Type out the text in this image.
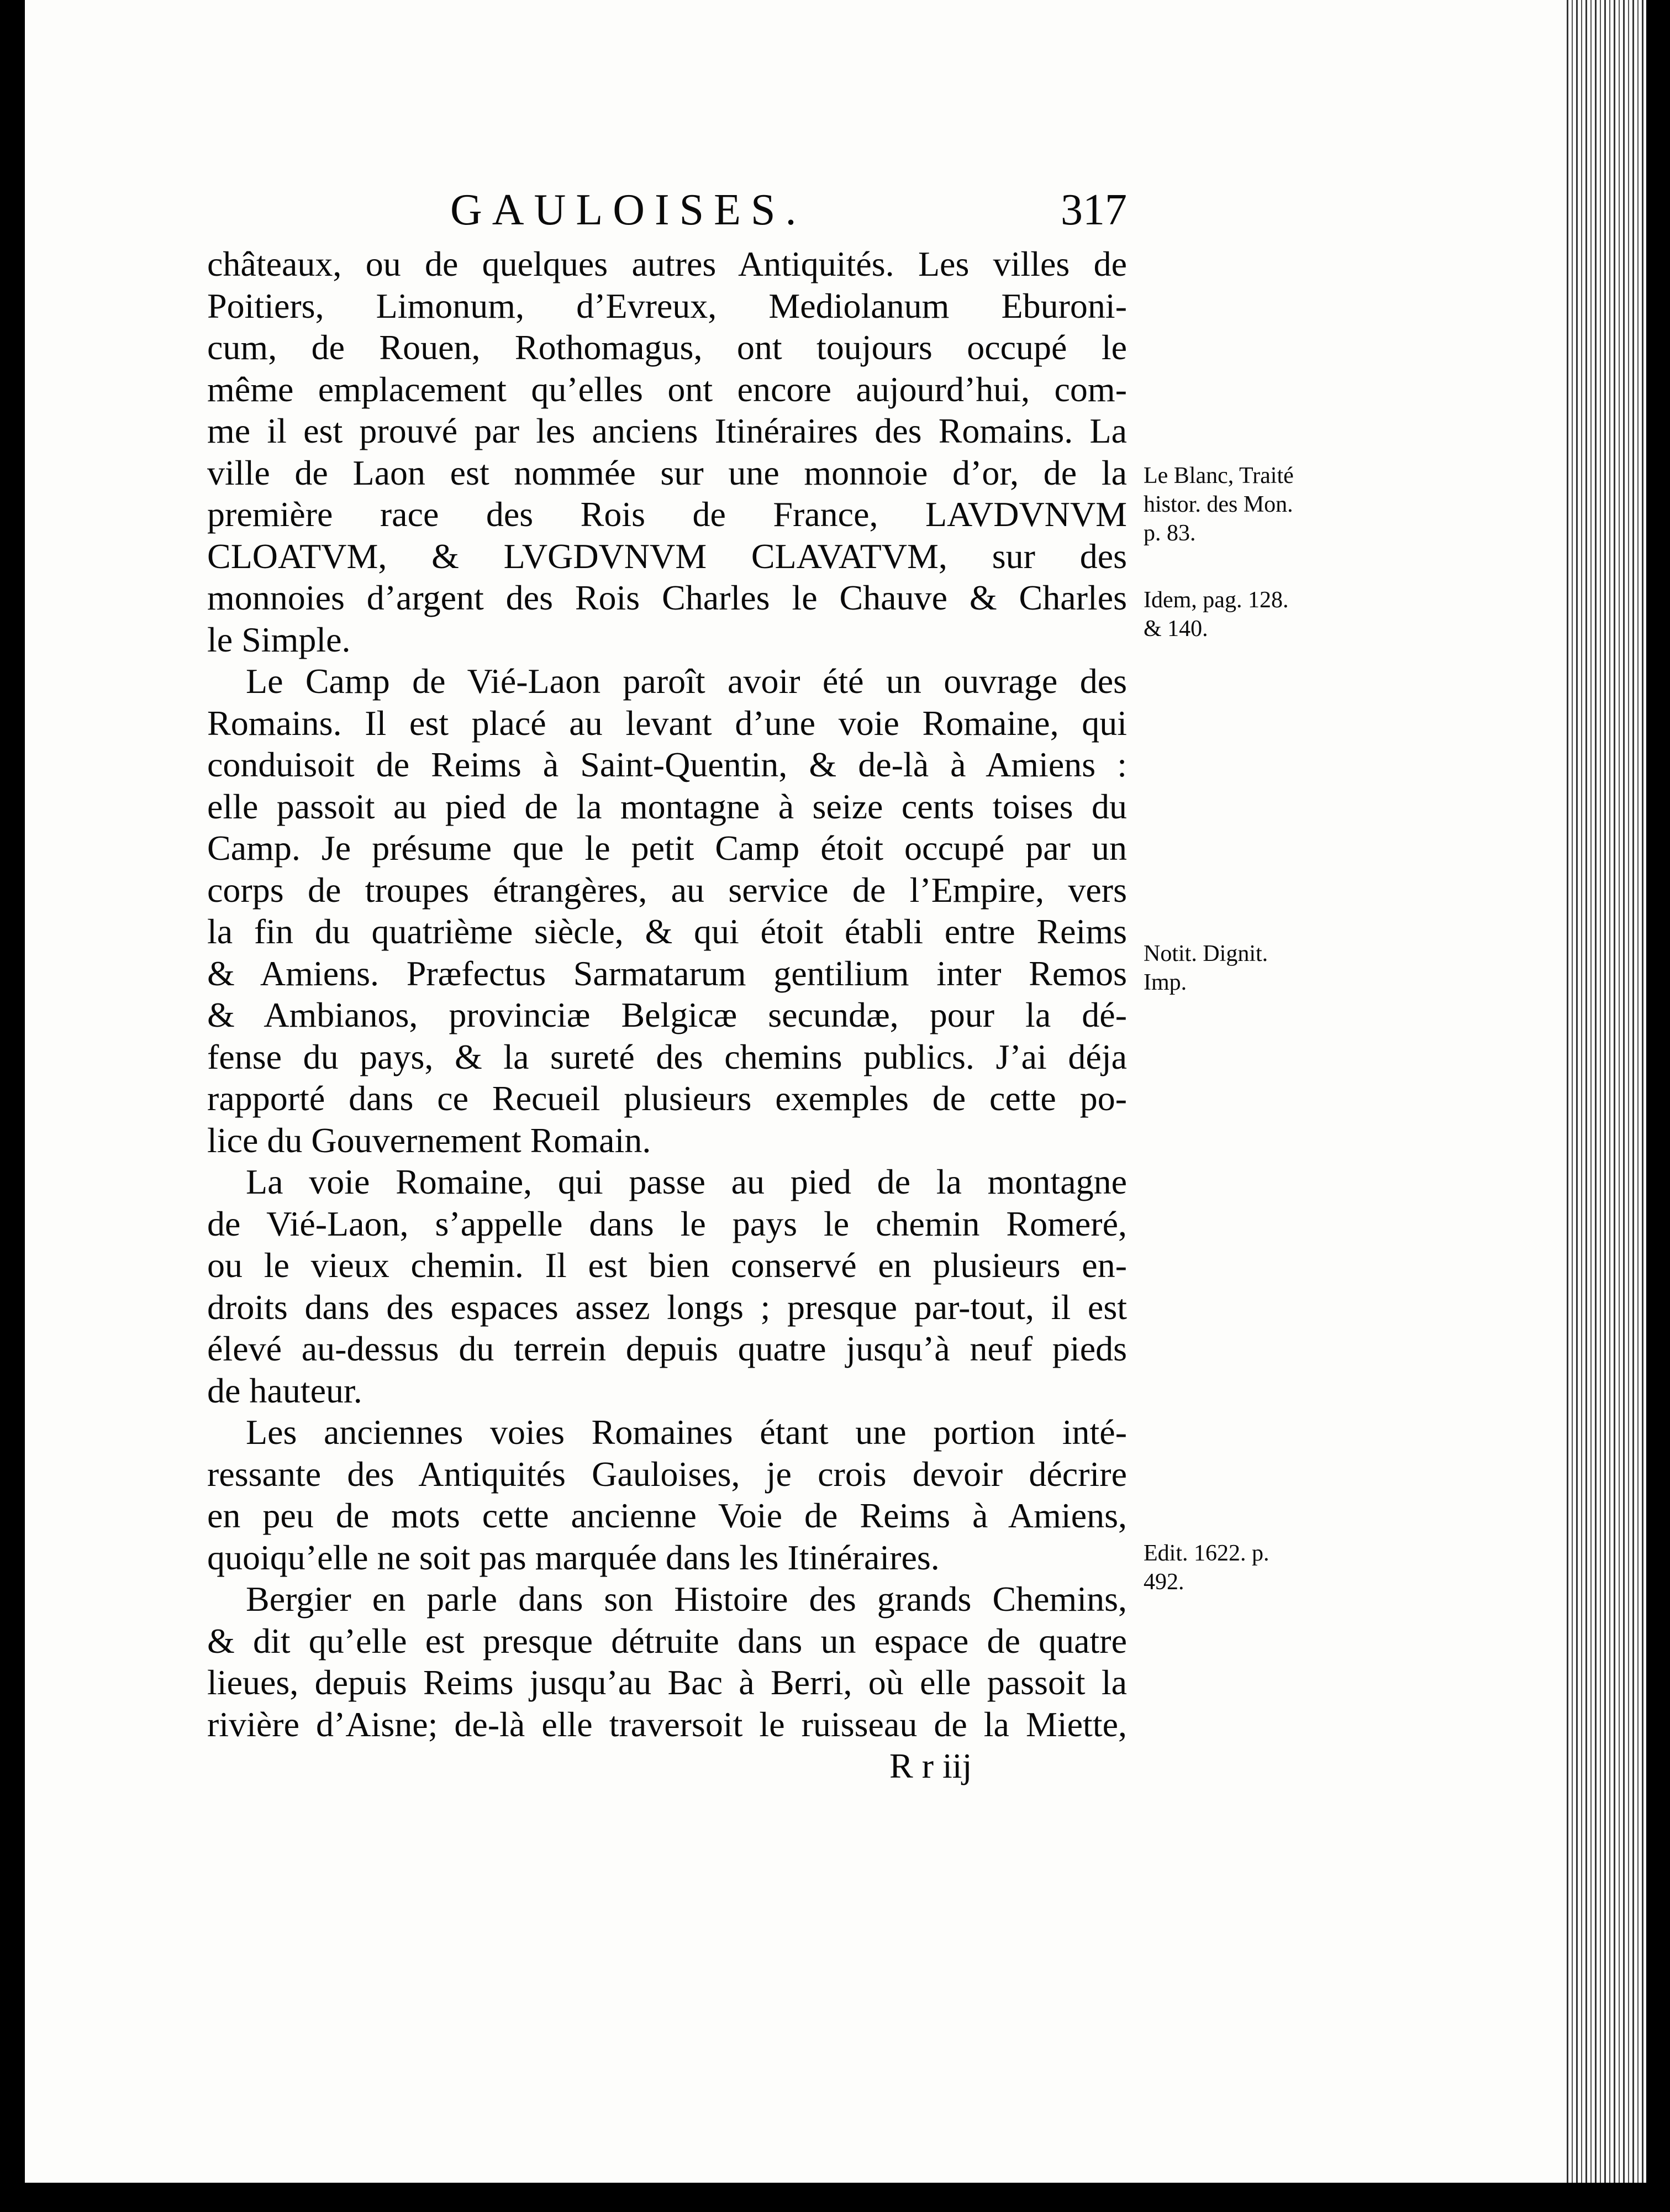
GAULOISES.	317
châteaux, ou de quelques autres Antiquités. Les villes de
Poitiers, Limonum, d’Evreux, Mediolanum Eburoni-
cum, de Rouen, Rothomagus, ont toujours occupé le
même emplacement qu’elles ont encore aujourd’hui, com-
me il est prouvé par les anciens Itinéraires des Romains. La
ville de Laon est nommée sur une monnoie d’or, de la
première race des Rois de France, LAVDVNVM
CLOATVM, & LVGDVNVM CLAVATVM, sur des
monnoies d’argent des Rois Charles le Chauve & Charles
le Simple.
Le Camp de Vié-Laon paroît avoir été un ouvrage des
Romains. Il est placé au levant d’une voie Romaine, qui
conduisoit de Reims à Saint-Quentin, & de-là à Amiens :
elle passoit au pied de la montagne à seize cents toises du
Camp. Je présume que le petit Camp étoit occupé par un
corps de troupes étrangères, au service de l’Empire, vers
la fin du quatrième siècle, & qui étoit établi entre Reims
& Amiens. Præfectus Sarmatarum gentilium inter Remos
& Ambianos, provinciæ Belgicæ secundæ, pour la dé-
fense du pays, & la sureté des chemins publics. J’ai déja
rapporté dans ce Recueil plusieurs exemples de cette po-
lice du Gouvernement Romain.
La voie Romaine, qui passe au pied de la montagne
de Vié-Laon, s’appelle dans le pays le chemin Romeré,
ou le vieux chemin. Il est bien conservé en plusieurs en-
droits dans des espaces assez longs ; presque par-tout, il est
élevé au-dessus du terrein depuis quatre jusqu’à neuf pieds
de hauteur.
Les anciennes voies Romaines étant une portion inté-
ressante des Antiquités Gauloises, je crois devoir décrire
en peu de mots cette ancienne Voie de Reims à Amiens,
quoiqu’elle ne soit pas marquée dans les Itinéraires.
Bergier en parle dans son Histoire des grands Chemins,
& dit qu’elle est presque détruite dans un espace de quatre
lieues, depuis Reims jusqu’au Bac à Berri, où elle passoit la
rivière d’Aisne; de-là elle traversoit le ruisseau de la Miette,
R r iij
Le Blanc, Traité
histor. des Mon.
p. 83.
Idem, pag. 128.
& 140.
Notit. Dignit.
Imp.
Edit. 1622. p.
492.
